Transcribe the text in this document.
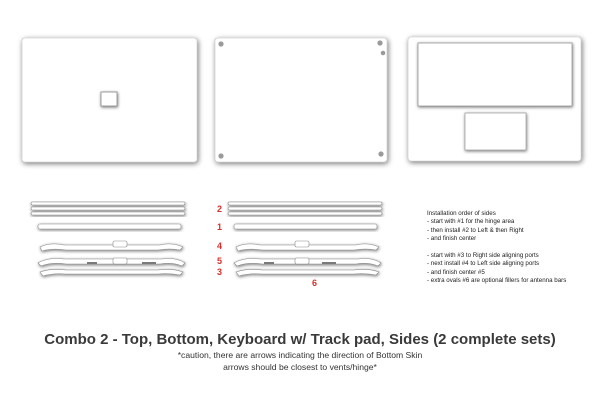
2
1
4
5
3
6
Installation order of sides
- start with #1 for the hinge area
- then install #2 to Left & then Right
- and finish center
- start with #3 to Right side aligning ports
- next install #4 to Left side aligning ports
- and finish center #5
- extra ovals #6 are optional fillers for antenna bars
Combo 2 - Top, Bottom, Keyboard w/ Track pad, Sides (2 complete sets)
*caution, there are arrows indicating the direction of Bottom Skin
arrows should be closest to vents/hinge*
